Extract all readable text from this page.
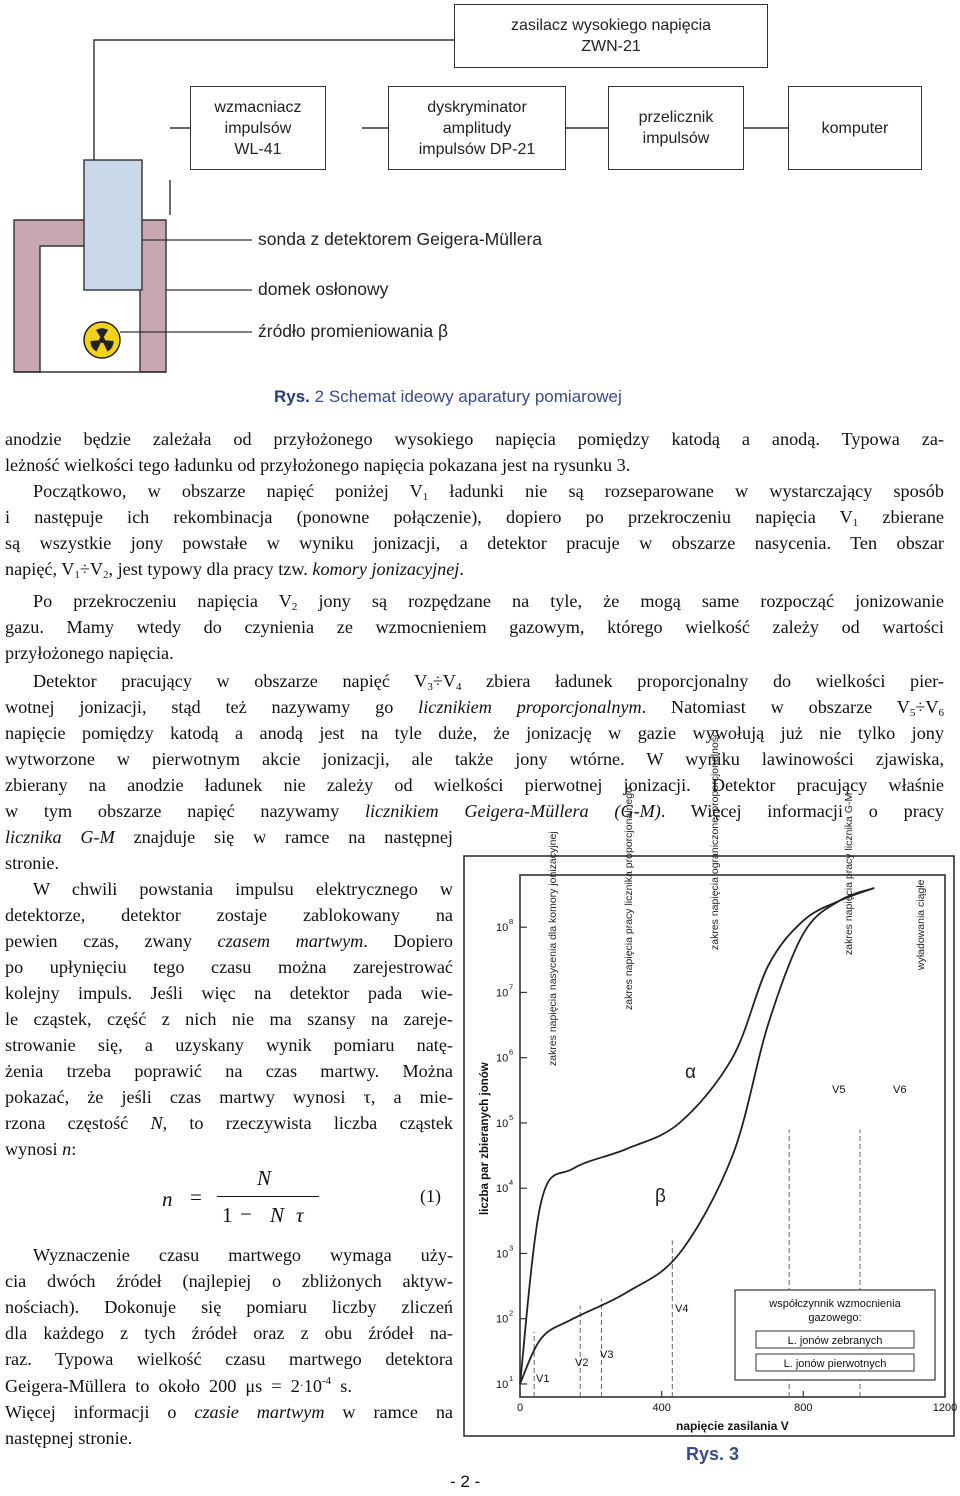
zasilacz wysokiego napięcia
ZWN-21
wzmacniacz
impulsów
WL-41
dyskryminator
amplitudy
impulsów DP-21
przelicznik
impulsów
komputer
sonda z detektorem Geigera-Müllera
domek osłonowy
źródło promieniowania β
Rys. 2 Schemat ideowy aparatury pomiarowej
anodzie będzie zależała od przyłożonego wysokiego napięcia pomiędzy katodą a anodą. Typowa za-
leżność wielkości tego ładunku od przyłożonego napięcia pokazana jest na rysunku 3.
Początkowo, w obszarze napięć poniżej $V_1$ ładunki nie są rozseparowane w wystarczający sposób
i następuje ich rekombinacja (ponowne połączenie), dopiero po przekroczeniu napięcia $V_1$ zbierane
są wszystkie jony powstałe w wyniku jonizacji, a detektor pracuje w obszarze nasycenia. Ten obszar
napięć, $V_1\div V_2$, jest typowy dla pracy tzw. komory jonizacyjnej.
Po przekroczeniu napięcia $V_2$ jony są rozpędzane na tyle, że mogą same rozpocząć jonizowanie
gazu. Mamy wtedy do czynienia ze wzmocnieniem gazowym, którego wielkość zależy od wartości
przyłożonego napięcia.
Detektor pracujący w obszarze napięć $V_3\div V_4$ zbiera ładunek proporcjonalny do wielkości pier-
wotnej jonizacji, stąd też nazywamy go licznikiem proporcjonalnym. Natomiast w obszarze $V_5\div V_6$
napięcie pomiędzy katodą a anodą jest na tyle duże, że jonizację w gazie wywołują już nie tylko jony
wytworzone w pierwotnym akcie jonizacji, ale także jony wtórne. W wyniku lawinowości zjawiska,
zbierany na anodzie ładunek nie zależy od wielkości pierwotnej jonizacji. Detektor pracujący właśnie
w tym obszarze napięć nazywamy licznikiem Geigera-Müllera (G-M). Więcej informacji o pracy
licznika G-M znajduje się w ramce na następnej
stronie.
W chwili powstania impulsu elektrycznego w
detektorze, detektor zostaje zablokowany na
pewien czas, zwany czasem martwym. Dopiero
po upłynięciu tego czasu można zarejestrować
kolejny impuls. Jeśli więc na detektor pada wie-
le cząstek, część z nich nie ma szansy na zareje-
strowanie się, a uzyskany wynik pomiaru natę-
żenia trzeba poprawić na czas martwy. Można
pokazać, że jeśli czas martwy wynosi τ, a mie-
rzona częstość N, to rzeczywista liczba cząstek
wynosi n:
n =
N
1 − N τ
(1)
Wyznaczenie czasu martwego wymaga uży-
cia dwóch źródeł (najlepiej o zbliżonych aktyw-
nościach). Dokonuje się pomiaru liczby zliczeń
dla każdego z tych źródeł oraz z obu źródeł na-
raz. Typowa wielkość czasu martwego detektora
Geigera-Müllera  to  około  200  $\mu s = 2\cdot 10^{-4}$  s.
Więcej informacji o czasie martwym w ramce na
następnej stronie.
- 2 -
10
1
10
2
10
3
10
4
10
5
10
6
10
7
10
8
0	400	800	1200
α
β
zakres napięcia nasycenia dla komory jonizacyjnej	zakres napięcia pracy licznika proporcjonalnego	zakres napięcia ograniczonej proporcjonalności	zakres napięcia pracy licznika G-M	wyładowania ciągłe
V1
V2
V3
V4
V5	V6
liczba par zbieranych jonów
napięcie zasilania V
współczynnik wzmocnienia gazowego:
L. jonów zebranych
L. jonów pierwotnych
Rys. 3
